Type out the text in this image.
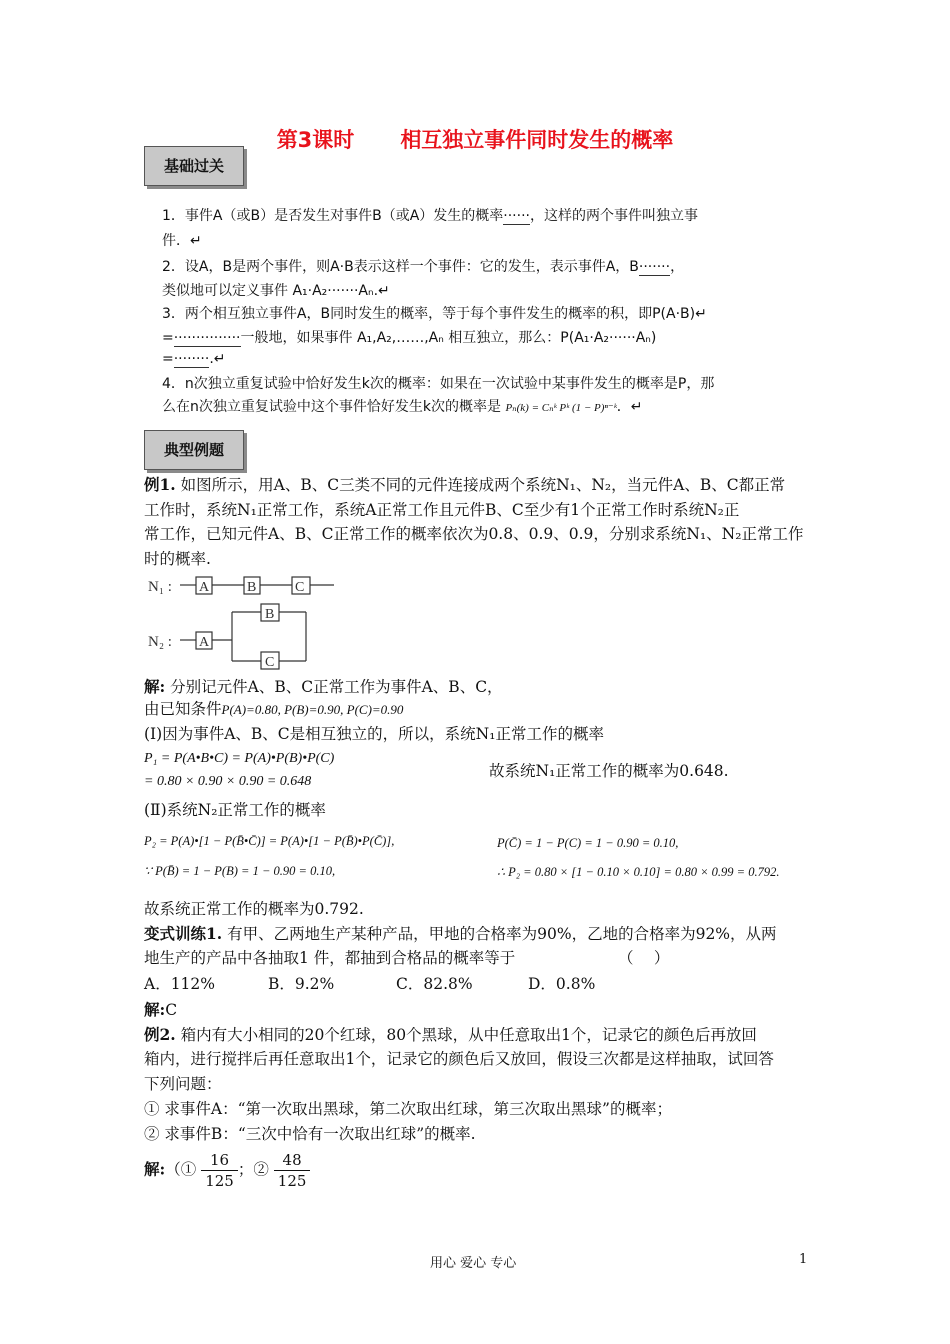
第3课时 相互独立事件同时发生的概率
基础过关
1．事件A（或B）是否发生对事件B（或A）发生的概率······，这样的两个事件叫独立事
件．↵
2．设A，B是两个事件，则A·B表示这样一个事件：它的发生，表示事件A，B·······，
类似地可以定义事件 A₁·A₂·······Aₙ.↵
3．两个相互独立事件A，B同时发生的概率，等于每个事件发生的概率的积，即P(A·B)↵
=···············一般地，如果事件 A₁,A₂,……,Aₙ 相互独立，那么：P(A₁·A₂······Aₙ)
=········.↵
4．n次独立重复试验中恰好发生k次的概率：如果在一次试验中某事件发生的概率是P，那
么在n次独立重复试验中这个事件恰好发生k次的概率是 Pₙ(k) = Cₙᵏ Pᵏ (1 − P)ⁿ⁻ᵏ．↵
典型例题
例1. 如图所示，用A、B、C三类不同的元件连接成两个系统N₁、N₂，当元件A、B、C都正常
工作时，系统N₁正常工作，系统A正常工作且元件B、C至少有1个正常工作时系统N₂正
常工作，已知元件A、B、C正常工作的概率依次为0.8、0.9、0.9，分别求系统N₁、N₂正常工作
时的概率.
N₁ : A	B	C
N₂ : A
B
C
解: 分别记元件A、B、C正常工作为事件A、B、C，
由已知条件P(A)=0.80, P(B)=0.90, P(C)=0.90
(Ⅰ)因为事件A、B、C是相互独立的，所以，系统N₁正常工作的概率
P₁ = P(A•B•C) = P(A)•P(B)•P(C)
= 0.80 × 0.90 × 0.90 = 0.648
故系统N₁正常工作的概率为0.648.
(Ⅱ)系统N₂正常工作的概率
P₂ = P(A)•[1 − P(B̄•C̄)] = P(A)•[1 − P(B̄)•P(C̄)],	P(C̄) = 1 − P(C) = 1 − 0.90 = 0.10,
∵ P(B̄) = 1 − P(B) = 1 − 0.90 = 0.10,	∴ P₂ = 0.80 × [1 − 0.10 × 0.10] = 0.80 × 0.99 = 0.792.
故系统正常工作的概率为0.792.
变式训练1. 有甲、乙两地生产某种产品，甲地的合格率为90%，乙地的合格率为92%，从两
地生产的产品中各抽取1 件，都抽到合格品的概率等于	（　 ）
A．112%	B．9.2%	C．82.8%	D．0.8%
解:C
例2. 箱内有大小相同的20个红球，80个黑球，从中任意取出1个，记录它的颜色后再放回
箱内，进行搅拌后再任意取出1个，记录它的颜色后又放回，假设三次都是这样抽取，试回答
下列问题：
① 求事件A：“第一次取出黑球，第二次取出红球，第三次取出黑球”的概率；
② 求事件B：“三次中恰有一次取出红球”的概率.
解:（① $\frac{16}{125}$ ；② $\frac{48}{125}$
用心 爱心 专心	1
